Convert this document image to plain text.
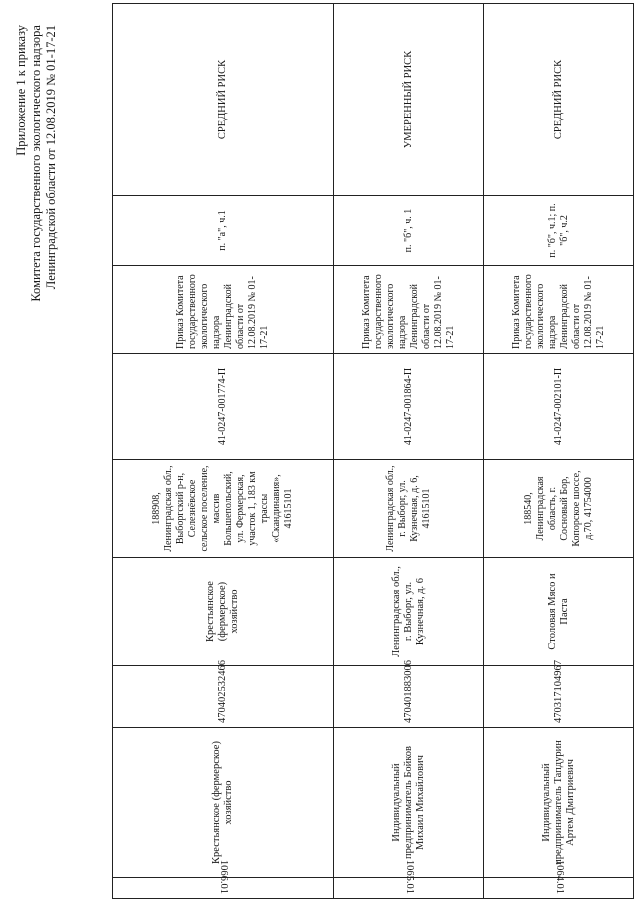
Приложение 1 к приказу Комитета государственного экологического надзора Ленинградской области от 12.08.2019 № 01-17-21
1066.01	Крестьянское (фермерское) хозяйство	470402532466	Крестьянское (фермерское) хозяйство	188908, Ленинградская обл., Выборгский р-н, Селезнёвское сельское поселение, массив Большепольский, ул. Фермерская, участок 1, 183 км трассы «Скандинавия», 41615101	41-0247-001774-П	Приказ Комитета государственного экологического надзора Ленинградской области от 12.08.2019 № 01-17-21	п. "а", ч.1	СРЕДНИЙ РИСК
1065.01	Индивидуальный предприниматель Бойков Михаил Михайлович	470401883006	Ленинградская обл., г. Выборг, ул. Кузнечная, д. 6	Ленинградская обл., г. Выборг, ул. Кузнечная, д. 6, 41615101	41-0247-001864-П	Приказ Комитета государственного экологического надзора Ленинградской области от 12.08.2019 № 01-17-21	п. "б", ч. 1	УМЕРЕННЫЙ РИСК
1064.01	Индивидуальный предприниматель Тапдурин Артем Дмитриевич	470317104967	Столовая Мясо и Паста	188540, Ленинградская область, г. Сосновый Бор, Копорское шоссе, д.70, 41754000	41-0247-002101-П	Приказ Комитета государственного экологического надзора Ленинградской области от 12.08.2019 № 01-17-21	п. "б", ч.1; п. "б", ч.2	СРЕДНИЙ РИСК
